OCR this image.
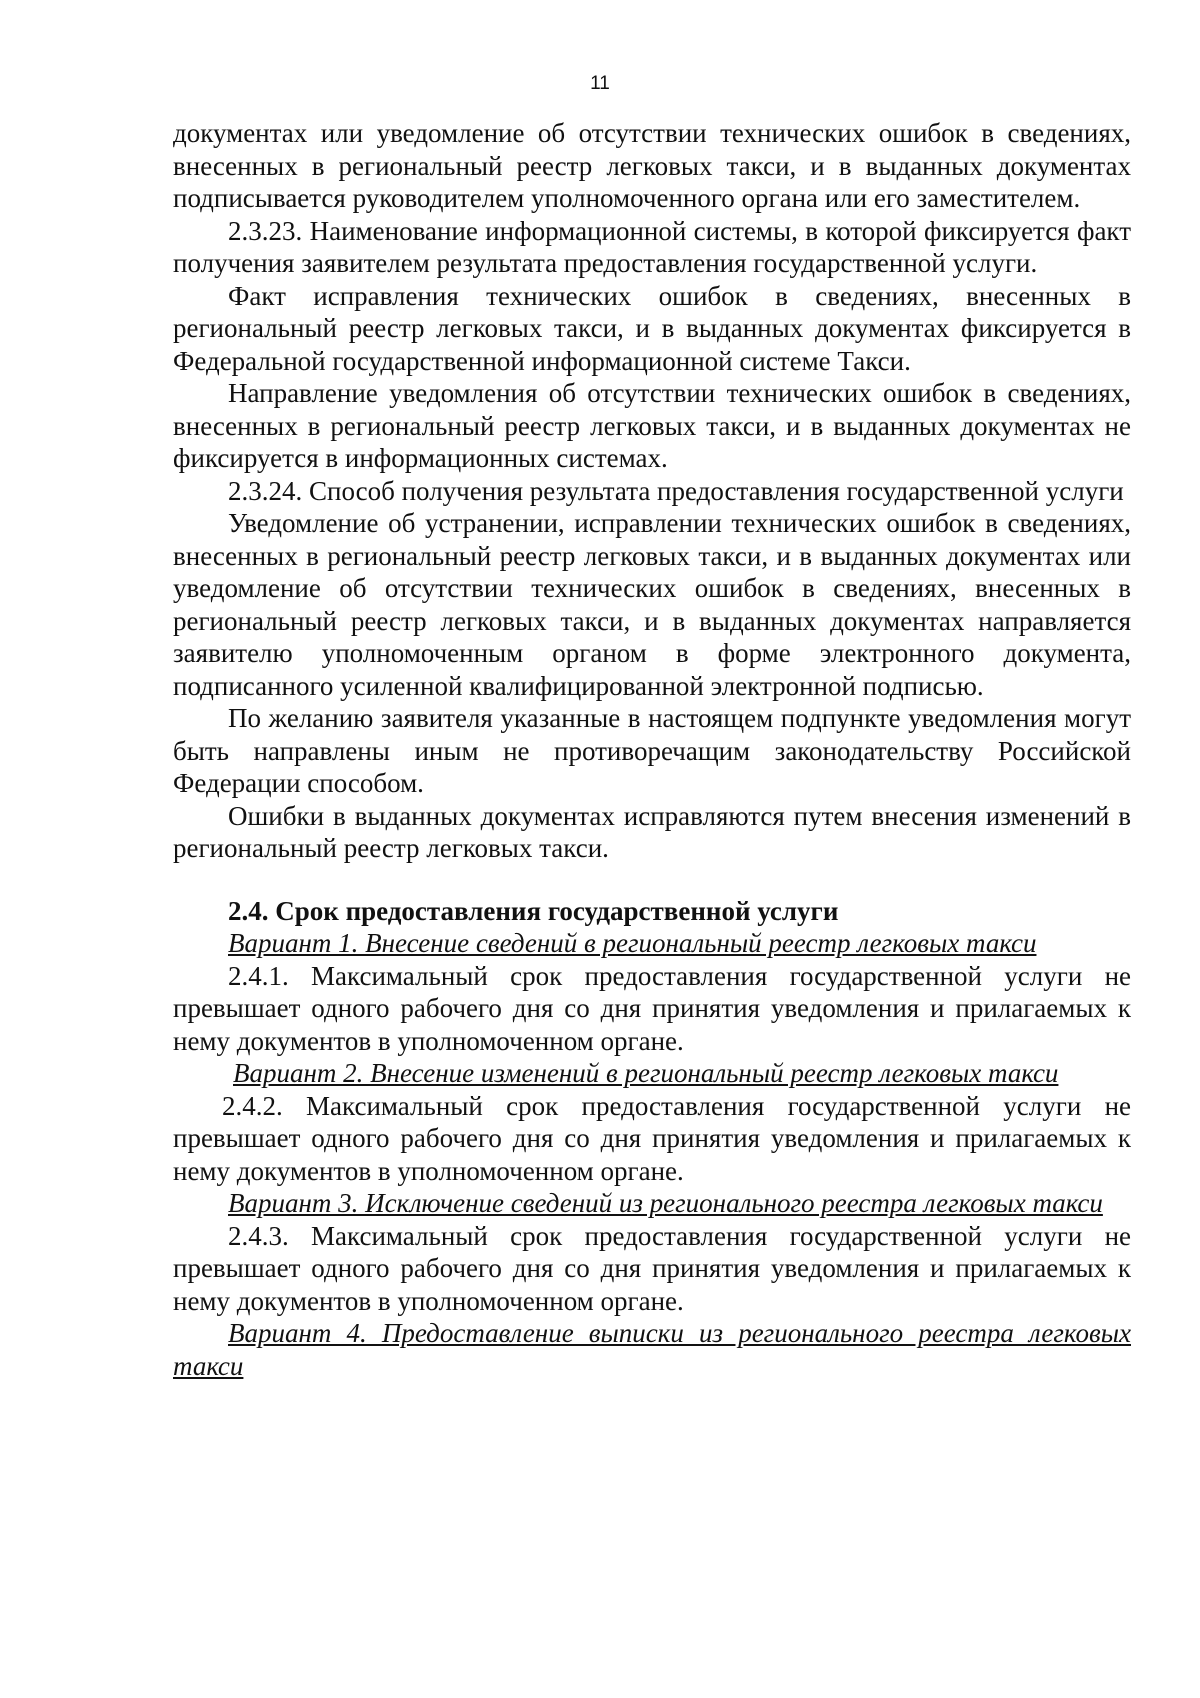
11

документах или уведомление об отсутствии технических ошибок в сведениях, внесенных в региональный реестр легковых такси, и в выданных документах подписывается руководителем уполномоченного органа или его заместителем.

2.3.23. Наименование информационной системы, в которой фиксируется факт получения заявителем результата предоставления государственной услуги.

Факт исправления технических ошибок в сведениях, внесенных в региональный реестр легковых такси, и в выданных документах фиксируется в Федеральной государственной информационной системе Такси.

Направление уведомления об отсутствии технических ошибок в сведениях, внесенных в региональный реестр легковых такси, и в выданных документах не фиксируется в информационных системах.

2.3.24. Способ получения результата предоставления государственной услуги

Уведомление об устранении, исправлении технических ошибок в сведениях, внесенных в региональный реестр легковых такси, и в выданных документах или уведомление об отсутствии технических ошибок в сведениях, внесенных в региональный реестр легковых такси, и в выданных документах направляется заявителю уполномоченным органом в форме электронного документа, подписанного усиленной квалифицированной электронной подписью.

По желанию заявителя указанные в настоящем подпункте уведомления могут быть направлены иным не противоречащим законодательству Российской Федерации способом.

Ошибки в выданных документах исправляются путем внесения изменений в региональный реестр легковых такси.

2.4. Срок предоставления государственной услуги

Вариант 1. Внесение сведений в региональный реестр легковых такси

2.4.1. Максимальный срок предоставления государственной услуги не превышает одного рабочего дня со дня принятия уведомления и прилагаемых к нему документов в уполномоченном органе.

Вариант 2. Внесение изменений в региональный реестр легковых такси

2.4.2. Максимальный срок предоставления государственной услуги не превышает одного рабочего дня со дня принятия уведомления и прилагаемых к нему документов в уполномоченном органе.

Вариант 3. Исключение сведений из регионального реестра легковых такси

2.4.3. Максимальный срок предоставления государственной услуги не превышает одного рабочего дня со дня принятия уведомления и прилагаемых к нему документов в уполномоченном органе.

Вариант 4. Предоставление выписки из регионального реестра легковых такси
